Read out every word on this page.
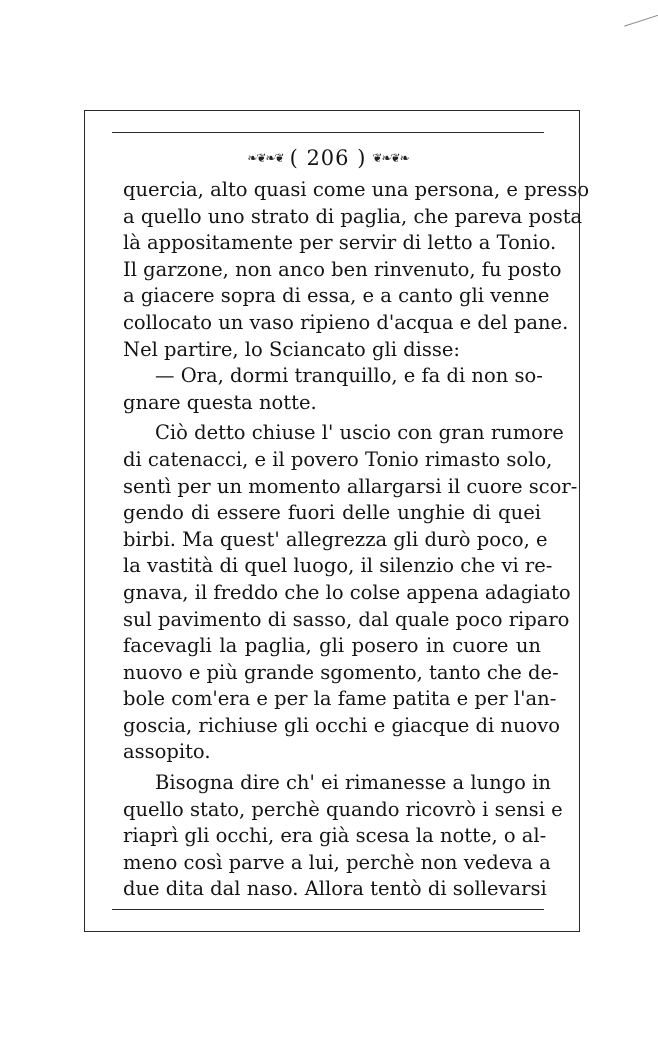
❧❦❧❦ ( 206 ) ❦❧❦❧
quercia, alto quasi come una persona, e presso
a quello uno strato di paglia, che pareva posta
là appositamente per servir di letto a Tonio.
Il garzone, non anco ben rinvenuto, fu posto
a giacere sopra di essa, e a canto gli venne
collocato un vaso ripieno d'acqua e del pane.
Nel partire, lo Sciancato gli disse:
— Ora, dormi tranquillo, e fa di non so-
gnare questa notte.
Ciò detto chiuse l' uscio con gran rumore
di catenacci, e il povero Tonio rimasto solo,
sentì per un momento allargarsi il cuore scor-
gendo di essere fuori delle unghie di quei
birbi. Ma quest' allegrezza gli durò poco, e
la vastità di quel luogo, il silenzio che vi re-
gnava, il freddo che lo colse appena adagiato
sul pavimento di sasso, dal quale poco riparo
facevagli la paglia, gli posero in cuore un
nuovo e più grande sgomento, tanto che de-
bole com'era e per la fame patita e per l'an-
goscia, richiuse gli occhi e giacque di nuovo
assopito.
Bisogna dire ch' ei rimanesse a lungo in
quello stato, perchè quando ricovrò i sensi e
riaprì gli occhi, era già scesa la notte, o al-
meno così parve a lui, perchè non vedeva a
due dita dal naso. Allora tentò di sollevarsi
